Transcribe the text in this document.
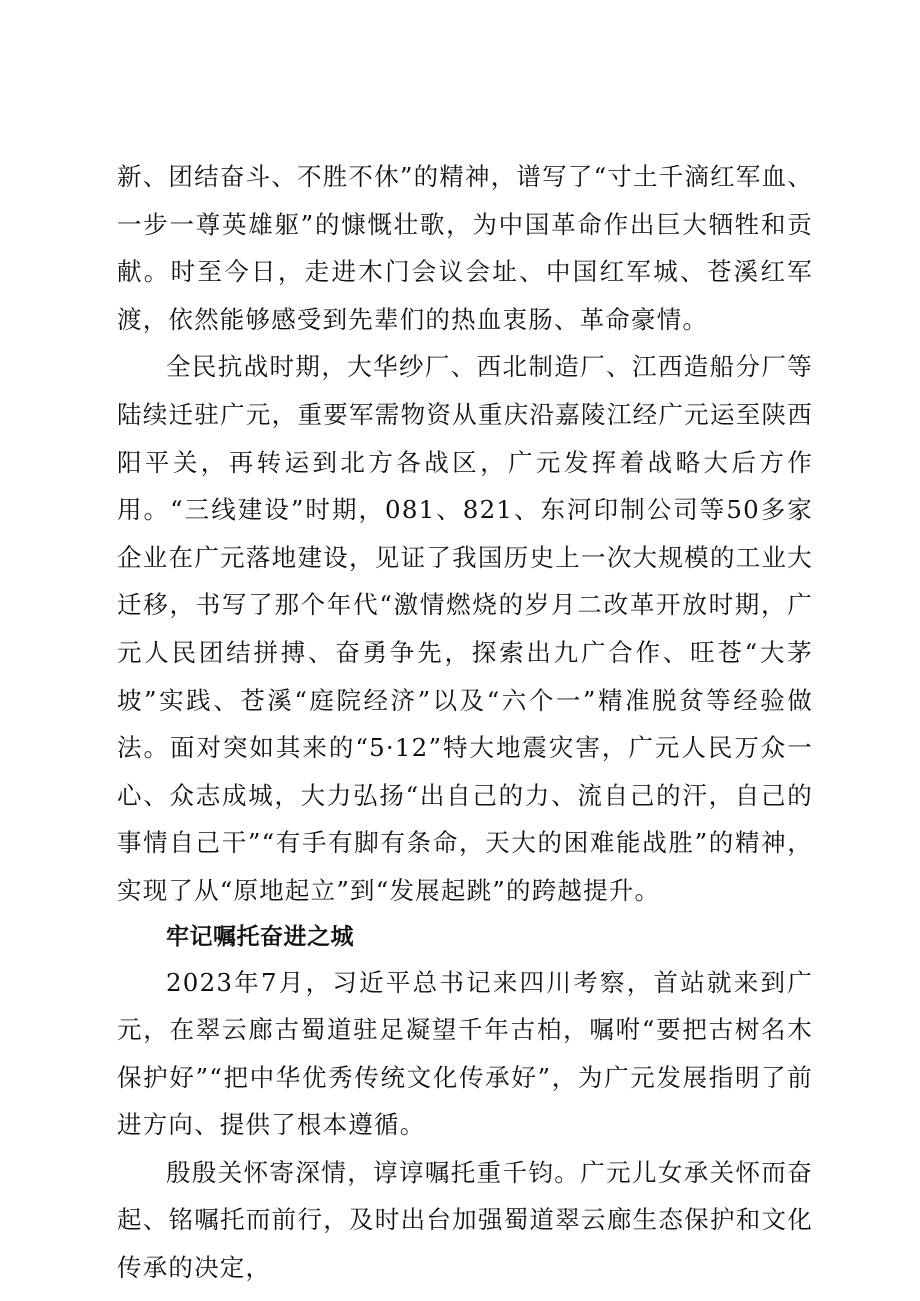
新、团结奋斗、不胜不休”的精神，谱写了“寸土千滴红军血、一步一尊英雄躯”的慷慨壮歌，为中国革命作出巨大牺牲和贡献。时至今日，走进木门会议会址、中国红军城、苍溪红军渡，依然能够感受到先辈们的热血衷肠、革命豪情。

全民抗战时期，大华纱厂、西北制造厂、江西造船分厂等陆续迁驻广元，重要军需物资从重庆沿嘉陵江经广元运至陕西阳平关，再转运到北方各战区，广元发挥着战略大后方作用。“三线建设”时期，081、821、东河印制公司等50多家企业在广元落地建设，见证了我国历史上一次大规模的工业大迁移，书写了那个年代“激情燃烧的岁月二改革开放时期，广元人民团结拼搏、奋勇争先，探索出九广合作、旺苍“大茅坡”实践、苍溪“庭院经济”以及“六个一”精准脱贫等经验做法。面对突如其来的“5·12”特大地震灾害，广元人民万众一心、众志成城，大力弘扬“出自己的力、流自己的汗，自己的事情自己干”“有手有脚有条命，天大的困难能战胜”的精神，实现了从“原地起立”到“发展起跳”的跨越提升。

牢记嘱托奋进之城

2023年7月，习近平总书记来四川考察，首站就来到广元，在翠云廊古蜀道驻足凝望千年古柏，嘱咐“要把古树名木保护好”“把中华优秀传统文化传承好”，为广元发展指明了前进方向、提供了根本遵循。

殷殷关怀寄深情，谆谆嘱托重千钧。广元儿女承关怀而奋起、铭嘱托而前行，及时出台加强蜀道翠云廊生态保护和文化传承的决定，
